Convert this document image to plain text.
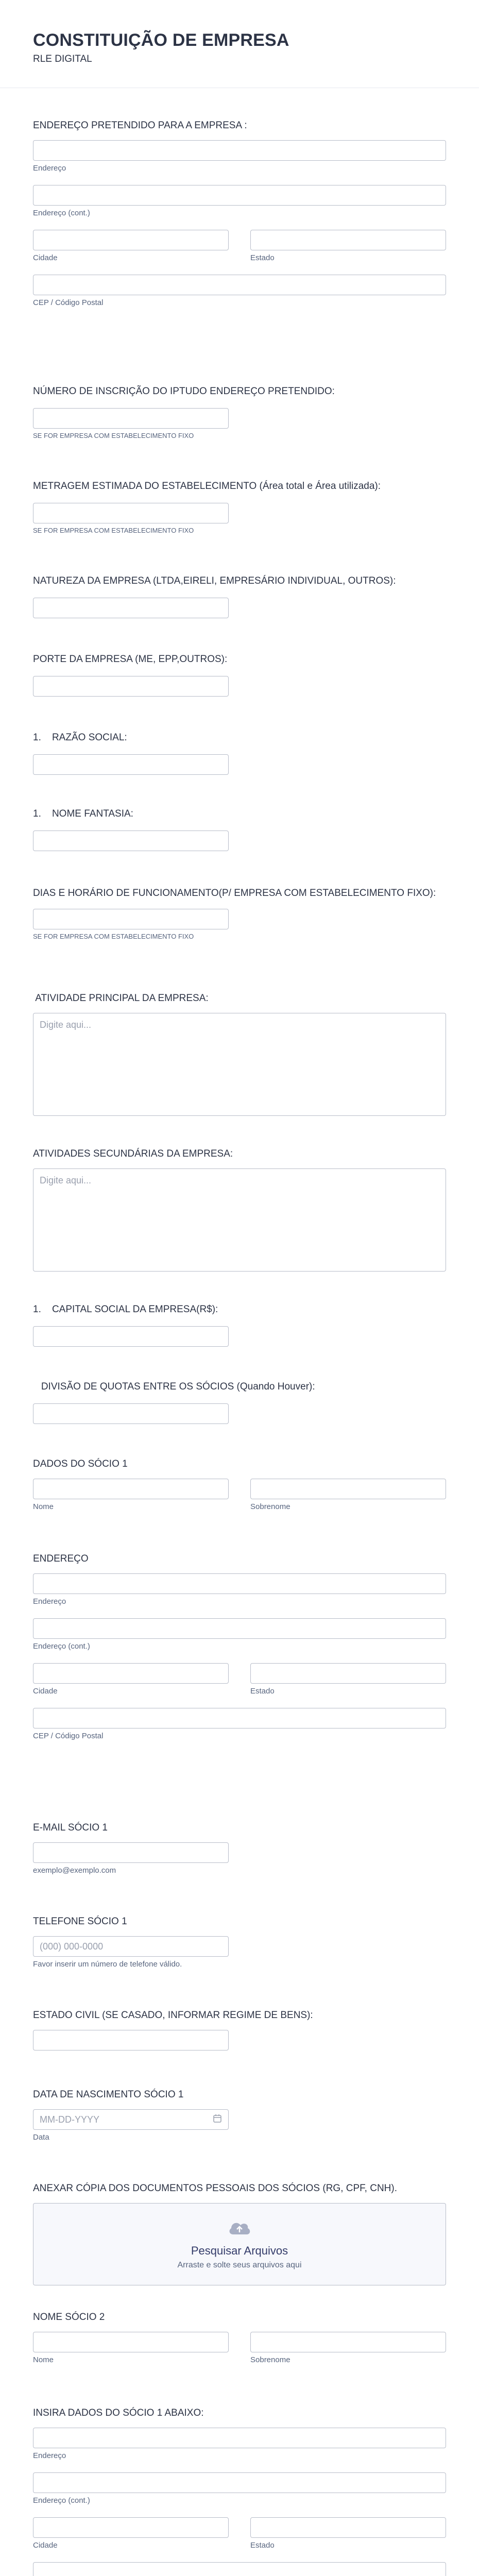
CONSTITUIÇÃO DE EMPRESA
RLE DIGITAL
ENDEREÇO PRETENDIDO PARA A EMPRESA :
Endereço
Endereço (cont.)
Cidade	Estado
CEP / Código Postal
NÚMERO DE INSCRIÇÃO DO IPTUDO ENDEREÇO PRETENDIDO:
SE FOR EMPRESA COM ESTABELECIMENTO FIXO
METRAGEM ESTIMADA DO ESTABELECIMENTO (Área total e Área utilizada):
SE FOR EMPRESA COM ESTABELECIMENTO FIXO
NATUREZA DA EMPRESA (LTDA,EIRELI, EMPRESÁRIO INDIVIDUAL, OUTROS):
PORTE DA EMPRESA (ME, EPP,OUTROS):
1.    RAZÃO SOCIAL:
1.    NOME FANTASIA:
DIAS E HORÁRIO DE FUNCIONAMENTO(P/ EMPRESA COM ESTABELECIMENTO FIXO):
SE FOR EMPRESA COM ESTABELECIMENTO FIXO
ATIVIDADE PRINCIPAL DA EMPRESA:
Digite aqui...
ATIVIDADES SECUNDÁRIAS DA EMPRESA:
Digite aqui...
1.    CAPITAL SOCIAL DA EMPRESA(R$):
DIVISÃO DE QUOTAS ENTRE OS SÓCIOS (Quando Houver):
DADOS DO SÓCIO 1
Nome	Sobrenome
ENDEREÇO
Endereço
Endereço (cont.)
Cidade	Estado
CEP / Código Postal
E-MAIL SÓCIO 1
exemplo@exemplo.com
TELEFONE SÓCIO 1
(000) 000-0000
Favor inserir um número de telefone válido.
ESTADO CIVIL (SE CASADO, INFORMAR REGIME DE BENS):
DATA DE NASCIMENTO SÓCIO 1
MM-DD-YYYY
Data
ANEXAR CÓPIA DOS DOCUMENTOS PESSOAIS DOS SÓCIOS (RG, CPF, CNH).
Pesquisar Arquivos
Arraste e solte seus arquivos aqui
NOME SÓCIO 2
Nome	Sobrenome
INSIRA DADOS DO SÓCIO 1 ABAIXO:
Endereço
Endereço (cont.)
Cidade	Estado
